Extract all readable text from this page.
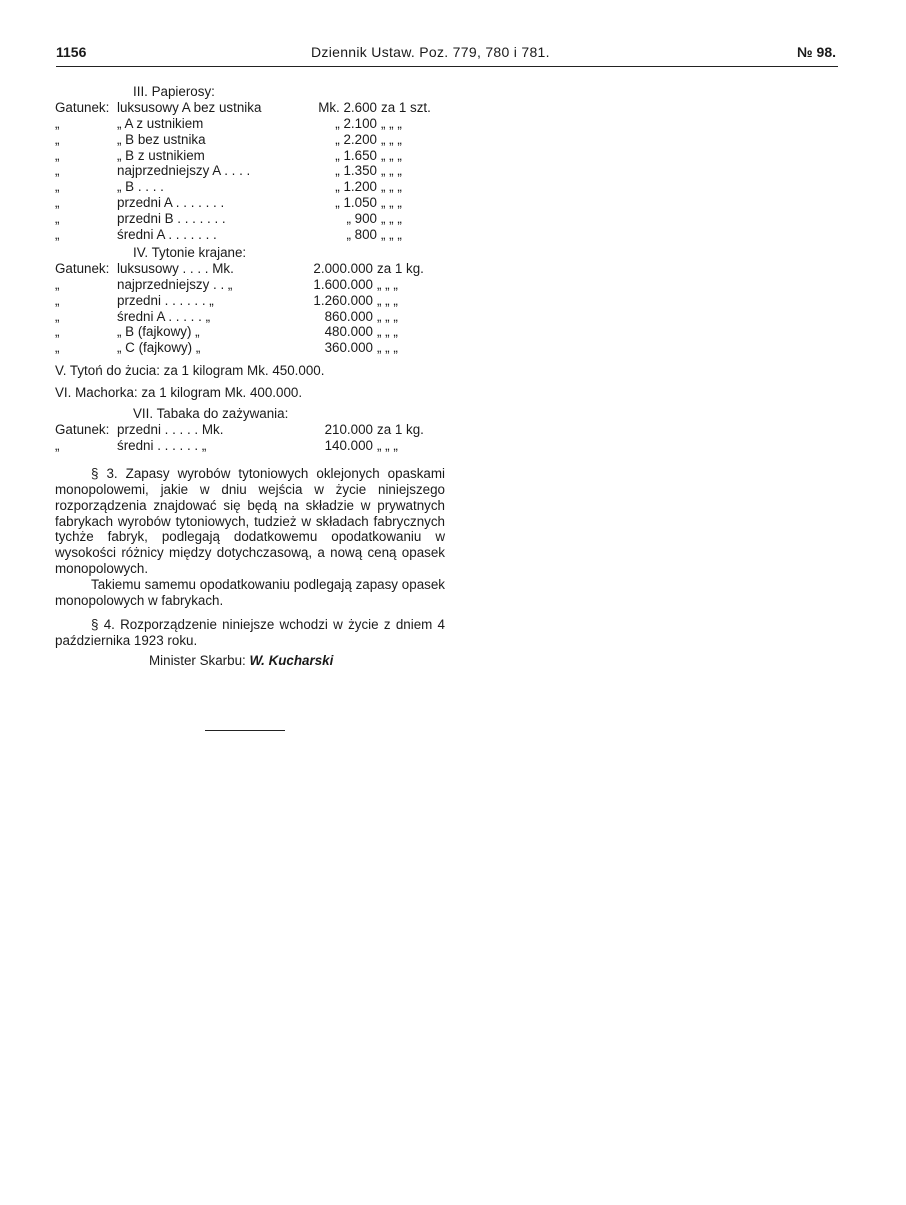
1156	Dziennik Ustaw. Poz. 779, 780 i 781.	№ 98.
III. Papierosy:
Gatunek: luksusowy A bez ustnika	Mk. 2.600 za 1 szt.
„	„ A z ustnikiem	„ 2.100 „ „ „
„	„ B bez ustnika	„ 2.200 „ „ „
„	„ B z ustnikiem	„ 1.650 „ „ „
„	najprzedniejszy A . . . .	„ 1.350 „ „ „
„	„ B . . . .	„ 1.200 „ „ „
„	przedni A . . . . . . .	„ 1.050 „ „ „
„	przedni B . . . . . . .	„ 900 „ „ „
„	średni A . . . . . . .	„ 800 „ „ „
IV. Tytonie krajane:
Gatunek: luksusowy . . . . Mk.	2.000.000 za 1 kg.
„	najprzedniejszy . . „	1.600.000 „ „ „
„	przedni . . . . . . „	1.260.000 „ „ „
„	średni A . . . . . „	860.000 „ „ „
„	„ B (fajkowy) „	480.000 „ „ „
„	„ C (fajkowy) „	360.000 „ „ „
V. Tytoń do żucia: za 1 kilogram Mk. 450.000.
VI. Machorka: za 1 kilogram Mk. 400.000.
VII. Tabaka do zażywania:
Gatunek: przedni . . . . . Mk.	210.000 za 1 kg.
„	średni . . . . . . „	140.000 „ „ „

§ 3. Zapasy wyrobów tytoniowych oklejonych opaskami monopolowemi, jakie w dniu wejścia w życie niniejszego rozporządzenia znajdować się będą na składzie w prywatnych fabrykach wyrobów tytoniowych, tudzież w składach fabrycznych tychże fabryk, podlegają dodatkowemu opodatkowaniu w wysokości różnicy między dotychczasową, a nową ceną opasek monopolowych.

Takiemu samemu opodatkowaniu podlegają zapasy opasek monopolowych w fabrykach.

§ 4. Rozporządzenie niniejsze wchodzi w życie z dniem 4 października 1923 roku.

Minister Skarbu: W. Kucharski
